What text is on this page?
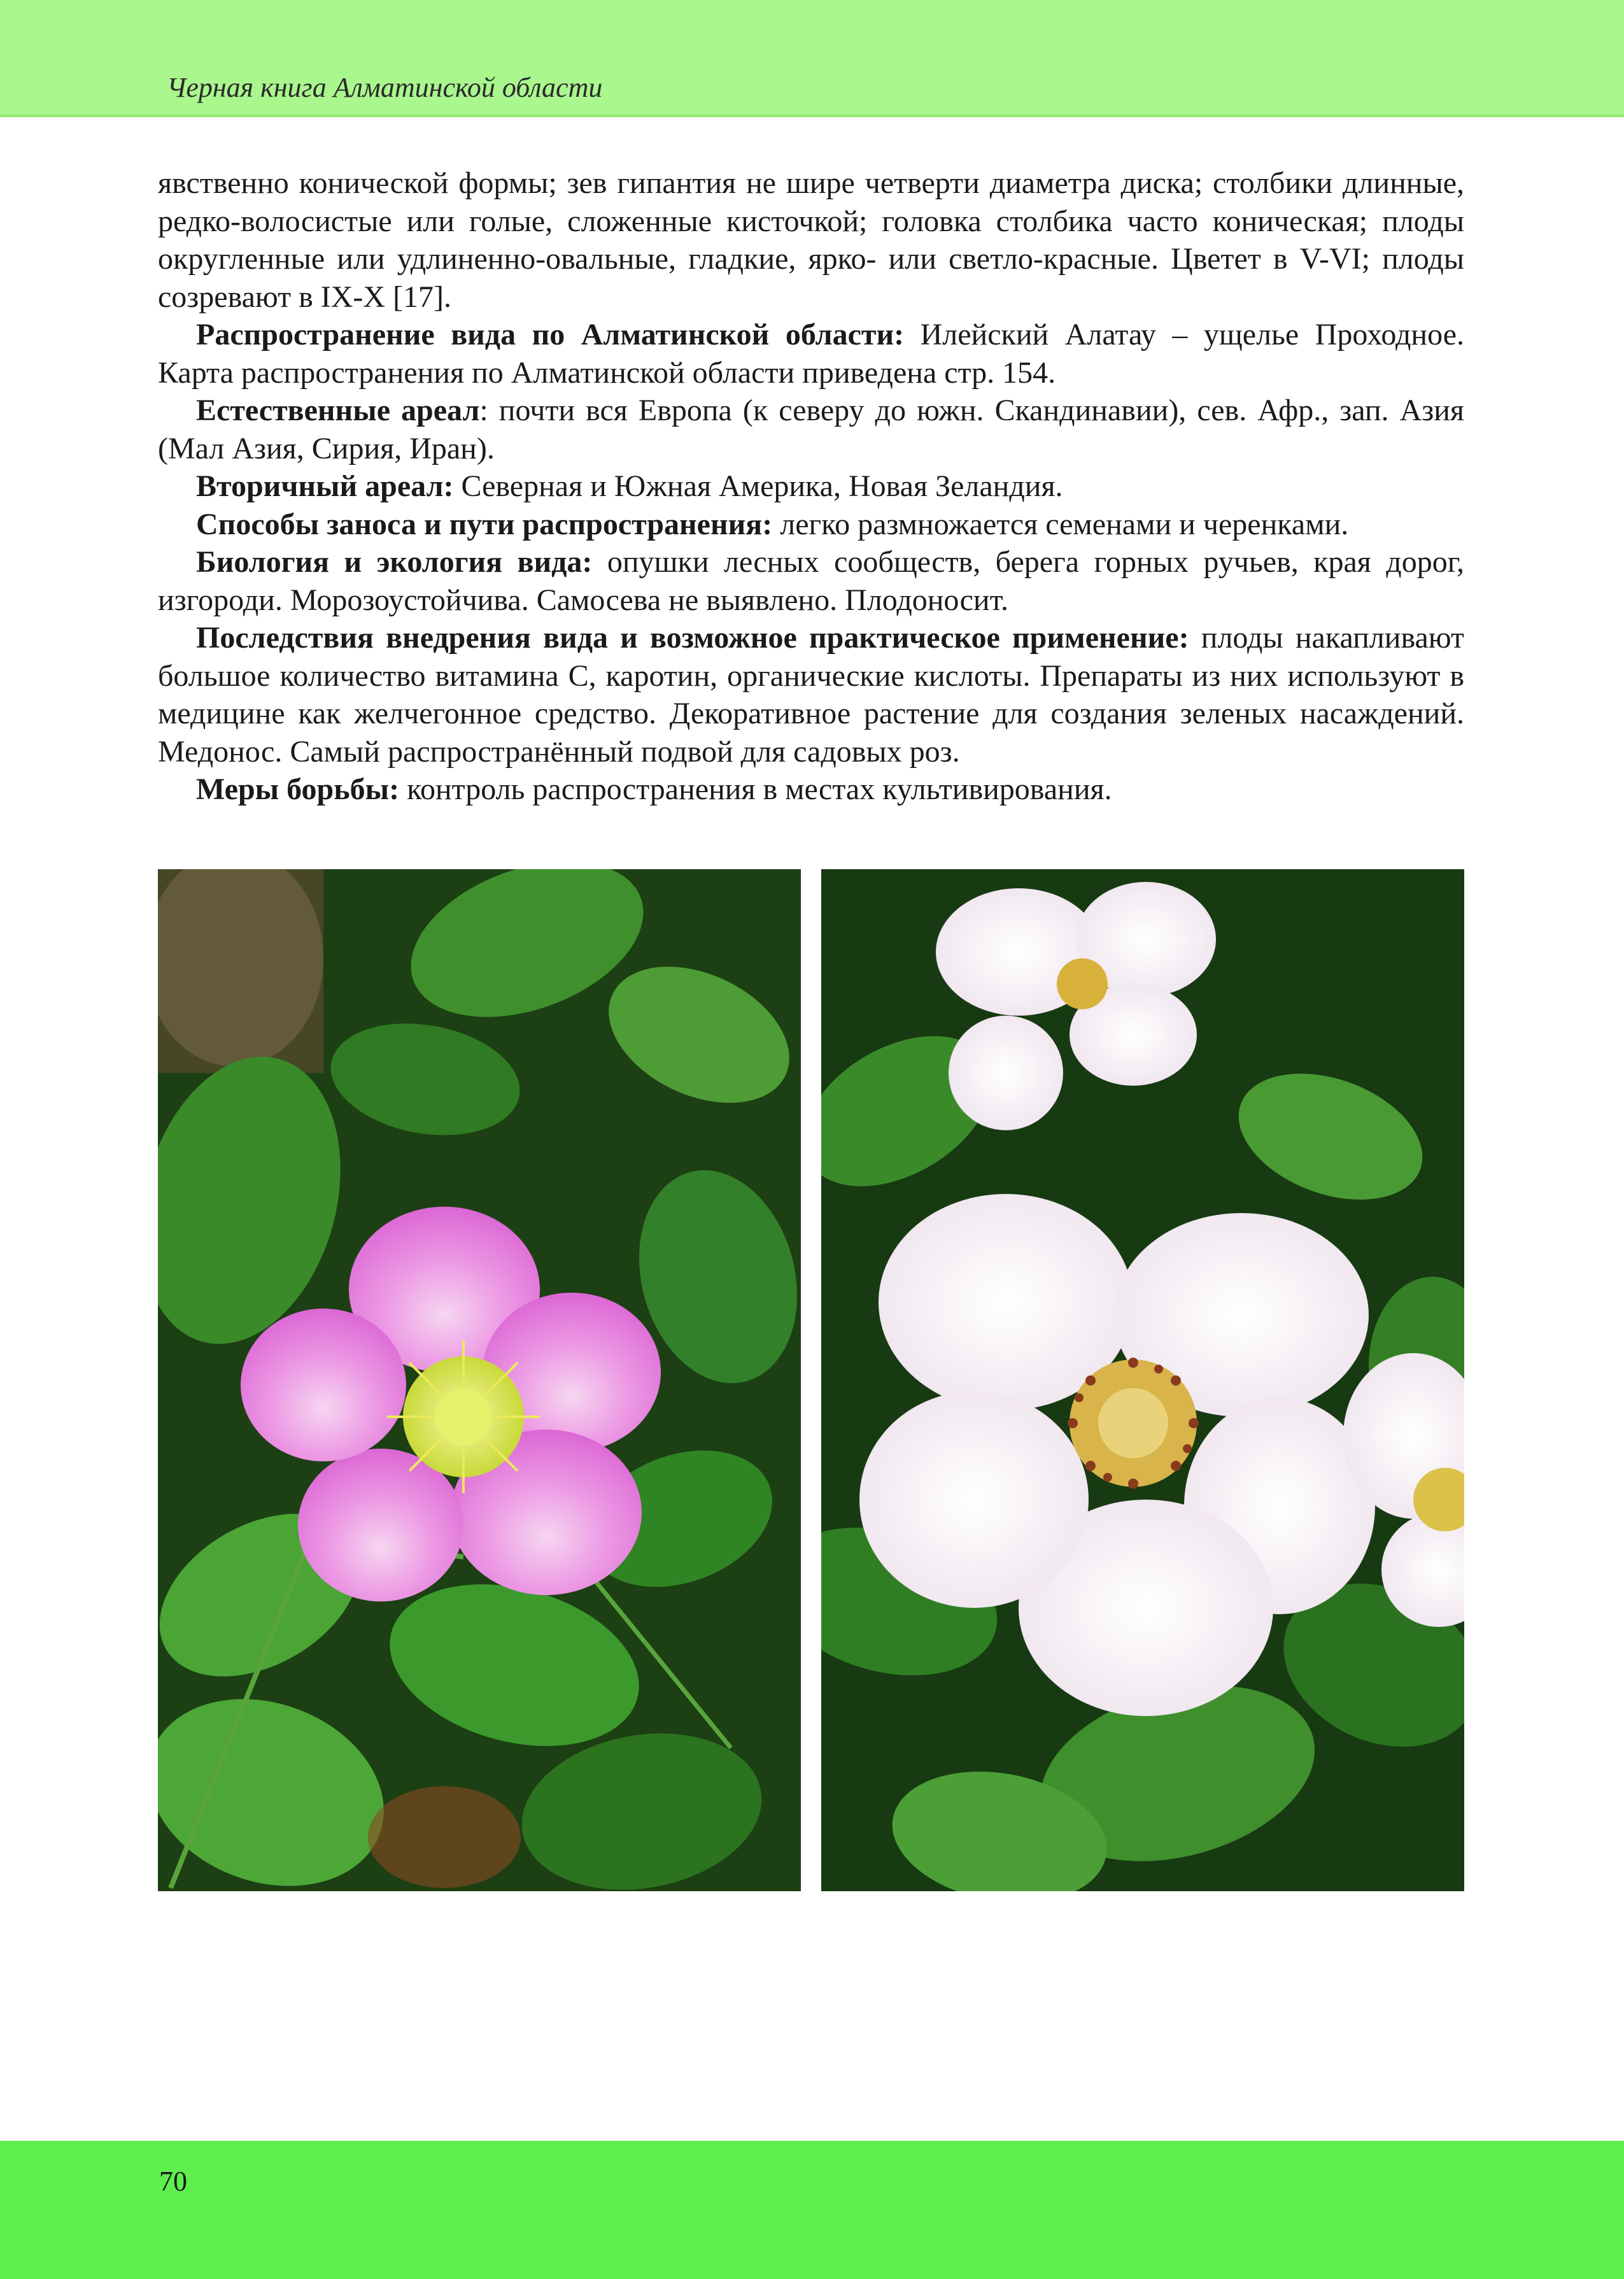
Черная книга Алматинской области

явственно конической формы; зев гипантия не шире четверти диаметра диска; столбики длинные, редко-волосистые или голые, сложенные кисточкой; головка столбика часто коническая; плоды округленные или удлиненно-овальные, гладкие, ярко- или светло-красные. Цветет в V-VI; плоды созревают в IX-X [17].

Распространение вида по Алматинской области: Илейский Алатау – ущелье Проходное. Карта распространения по Алматинской области приведена стр. 154.

Естественные ареал: почти вся Европа (к северу до южн. Скандинавии), сев. Афр., зап. Азия (Мал Азия, Сирия, Иран).

Вторичный ареал: Северная и Южная Америка, Новая Зеландия.

Способы заноса и пути распространения: легко размножается семенами и черенками.

Биология и экология вида: опушки лесных сообществ, берега горных ручьев, края дорог, изгороди. Морозоустойчива. Самосева не выявлено. Плодоносит.

Последствия внедрения вида и возможное практическое применение: плоды накапливают большое количество витамина С, каротин, органические кислоты. Препараты из них используют в медицине как желчегонное средство. Декоративное растение для создания зеленых насаждений. Медонос. Самый распространённый подвой для садовых роз.

Меры борьбы: контроль распространения в местах культивирования.

70
